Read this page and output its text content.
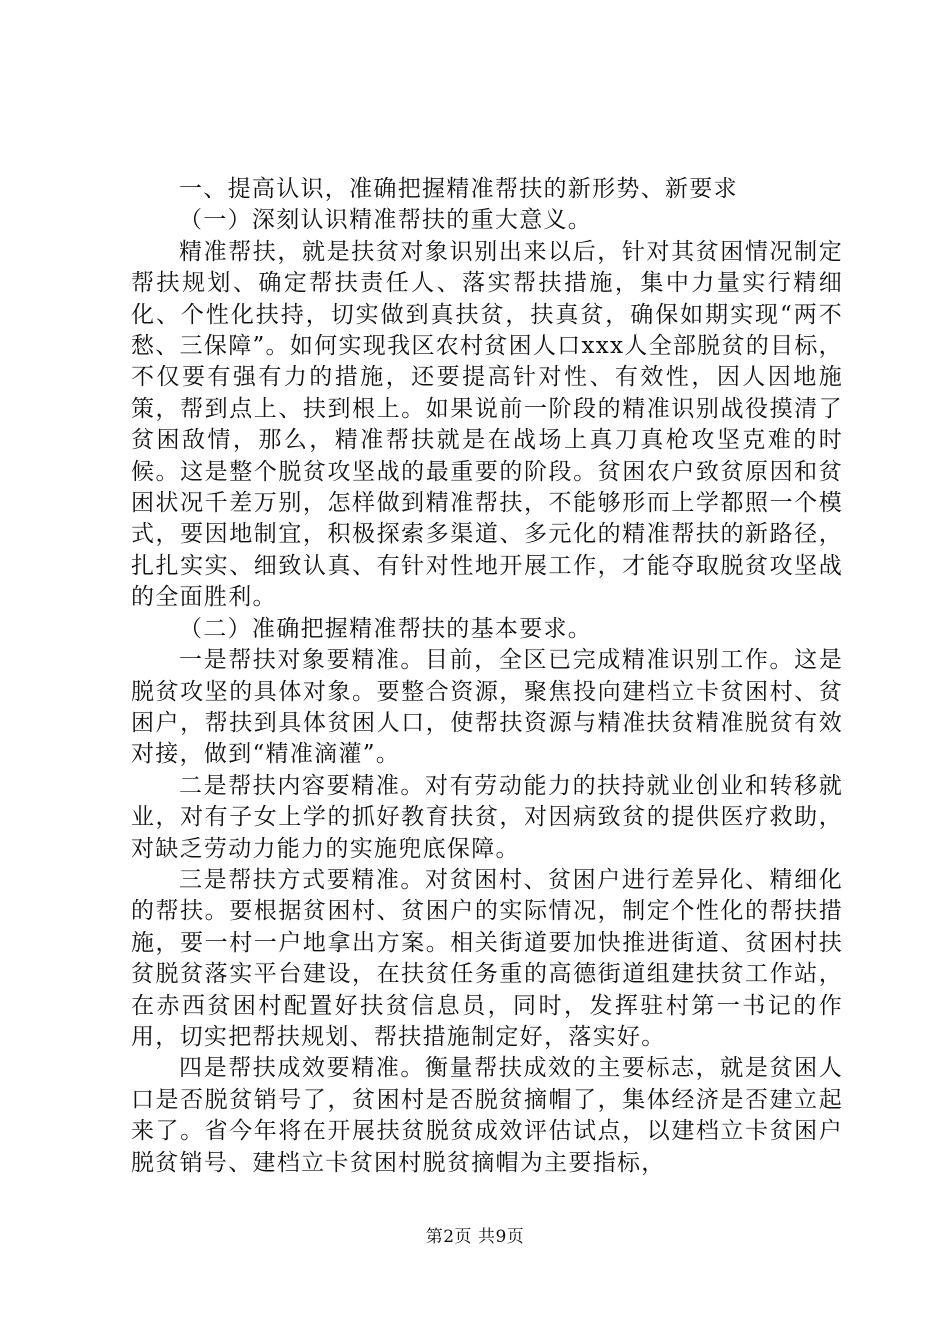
一、提高认识，准确把握精准帮扶的新形势、新要求

（一）深刻认识精准帮扶的重大意义。

精准帮扶，就是扶贫对象识别出来以后，针对其贫困情况制定帮扶规划、确定帮扶责任人、落实帮扶措施，集中力量实行精细化、个性化扶持，切实做到真扶贫，扶真贫，确保如期实现“两不愁、三保障”。如何实现我区农村贫困人口xxx人全部脱贫的目标，不仅要有强有力的措施，还要提高针对性、有效性，因人因地施策，帮到点上、扶到根上。如果说前一阶段的精准识别战役摸清了贫困敌情，那么，精准帮扶就是在战场上真刀真枪攻坚克难的时候。这是整个脱贫攻坚战的最重要的阶段。贫困农户致贫原因和贫困状况千差万别，怎样做到精准帮扶，不能够形而上学都照一个模式，要因地制宜，积极探索多渠道、多元化的精准帮扶的新路径，扎扎实实、细致认真、有针对性地开展工作，才能夺取脱贫攻坚战的全面胜利。

（二）准确把握精准帮扶的基本要求。

一是帮扶对象要精准。目前，全区已完成精准识别工作。这是脱贫攻坚的具体对象。要整合资源，聚焦投向建档立卡贫困村、贫困户，帮扶到具体贫困人口，使帮扶资源与精准扶贫精准脱贫有效对接，做到“精准滴灌”。

二是帮扶内容要精准。对有劳动能力的扶持就业创业和转移就业，对有子女上学的抓好教育扶贫，对因病致贫的提供医疗救助，对缺乏劳动力能力的实施兜底保障。

三是帮扶方式要精准。对贫困村、贫困户进行差异化、精细化的帮扶。要根据贫困村、贫困户的实际情况，制定个性化的帮扶措施，要一村一户地拿出方案。相关街道要加快推进街道、贫困村扶贫脱贫落实平台建设，在扶贫任务重的高德街道组建扶贫工作站，在赤西贫困村配置好扶贫信息员，同时，发挥驻村第一书记的作用，切实把帮扶规划、帮扶措施制定好，落实好。

四是帮扶成效要精准。衡量帮扶成效的主要标志，就是贫困人口是否脱贫销号了，贫困村是否脱贫摘帽了，集体经济是否建立起来了。省今年将在开展扶贫脱贫成效评估试点，以建档立卡贫困户脱贫销号、建档立卡贫困村脱贫摘帽为主要指标，

第2页 共9页
